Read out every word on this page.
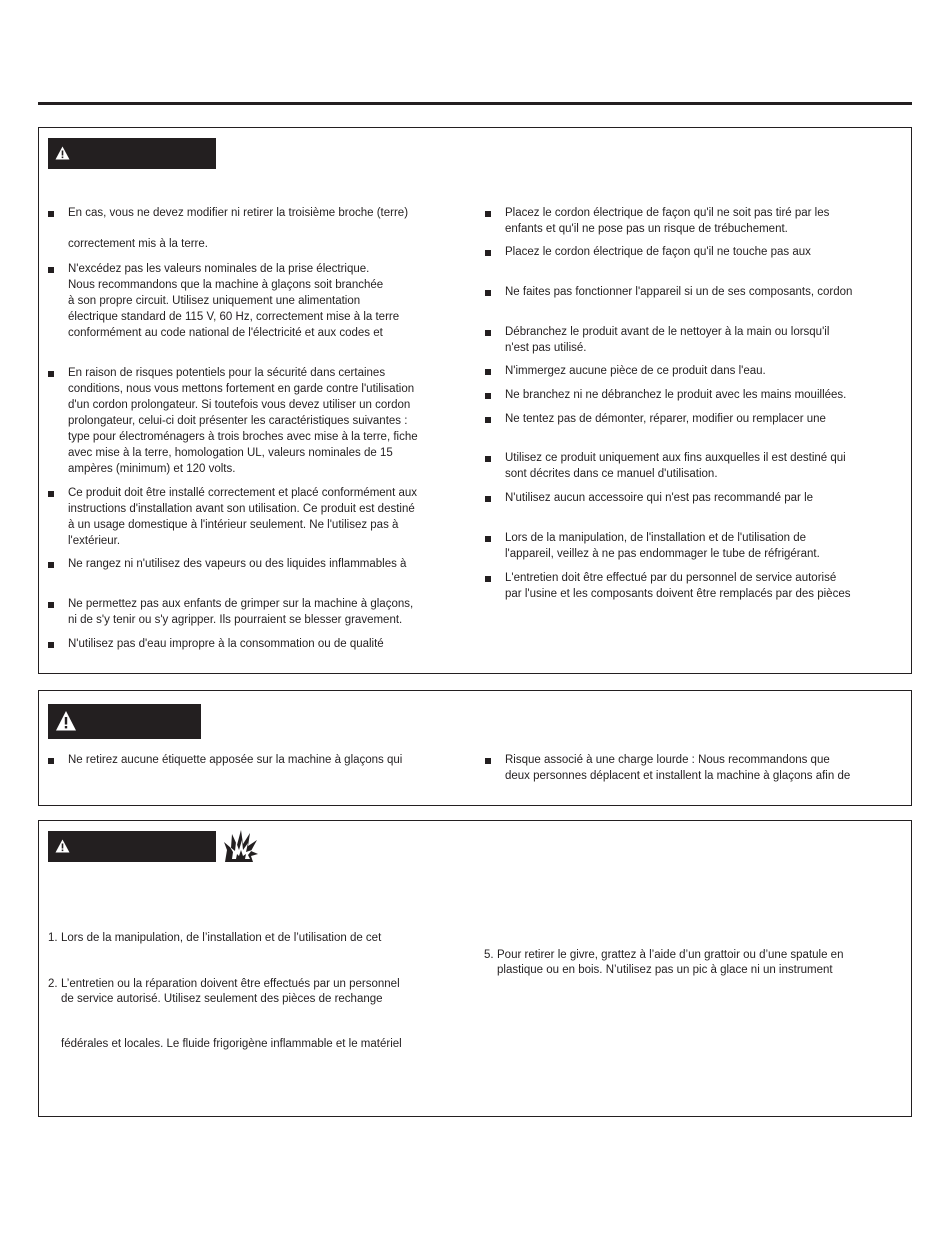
En cas, vous ne devez modifier ni retirer la troisième broche (terre)
correctement mis à la terre.
N'excédez pas les valeurs nominales de la prise électrique.
Nous recommandons que la machine à glaçons soit branchée
à son propre circuit. Utilisez uniquement une alimentation
électrique standard de 115 V, 60 Hz, correctement mise à la terre
conformément au code national de l'électricité et aux codes et
En raison de risques potentiels pour la sécurité dans certaines
conditions, nous vous mettons fortement en garde contre l'utilisation
d'un cordon prolongateur. Si toutefois vous devez utiliser un cordon
prolongateur, celui-ci doit présenter les caractéristiques suivantes :
type pour électroménagers à trois broches avec mise à la terre, fiche
avec mise à la terre, homologation UL, valeurs nominales de 15
ampères (minimum) et 120 volts.
Ce produit doit être installé correctement et placé conformément aux
instructions d'installation avant son utilisation. Ce produit est destiné
à un usage domestique à l'intérieur seulement. Ne l'utilisez pas à
l'extérieur.
Ne rangez ni n'utilisez des vapeurs ou des liquides inflammables à
Ne permettez pas aux enfants de grimper sur la machine à glaçons,
ni de s'y tenir ou s'y agripper. Ils pourraient se blesser gravement.
N'utilisez pas d'eau impropre à la consommation ou de qualité
Placez le cordon électrique de façon qu'il ne soit pas tiré par les
enfants et qu'il ne pose pas un risque de trébuchement.
Placez le cordon électrique de façon qu'il ne touche pas aux
Ne faites pas fonctionner l'appareil si un de ses composants, cordon
Débranchez le produit avant de le nettoyer à la main ou lorsqu'il
n'est pas utilisé.
N'immergez aucune pièce de ce produit dans l'eau.
Ne branchez ni ne débranchez le produit avec les mains mouillées.
Ne tentez pas de démonter, réparer, modifier ou remplacer une
Utilisez ce produit uniquement aux fins auxquelles il est destiné qui
sont décrites dans ce manuel d'utilisation.
N'utilisez aucun accessoire qui n'est pas recommandé par le
Lors de la manipulation, de l'installation et de l'utilisation de
l'appareil, veillez à ne pas endommager le tube de réfrigérant.
L'entretien doit être effectué par du personnel de service autorisé
par l'usine et les composants doivent être remplacés par des pièces
Ne retirez aucune étiquette apposée sur la machine à glaçons qui	Risque associé à une charge lourde : Nous recommandons que
deux personnes déplacent et installent la machine à glaçons afin de
1. Lors de la manipulation, de l’installation et de l’utilisation de cet
2. L’entretien ou la réparation doivent être effectués par un personnel
de service autorisé. Utilisez seulement des pièces de rechange
fédérales et locales. Le fluide frigorigène inflammable et le matériel
5. Pour retirer le givre, grattez à l’aide d’un grattoir ou d’une spatule en
plastique ou en bois. N’utilisez pas un pic à glace ni un instrument
